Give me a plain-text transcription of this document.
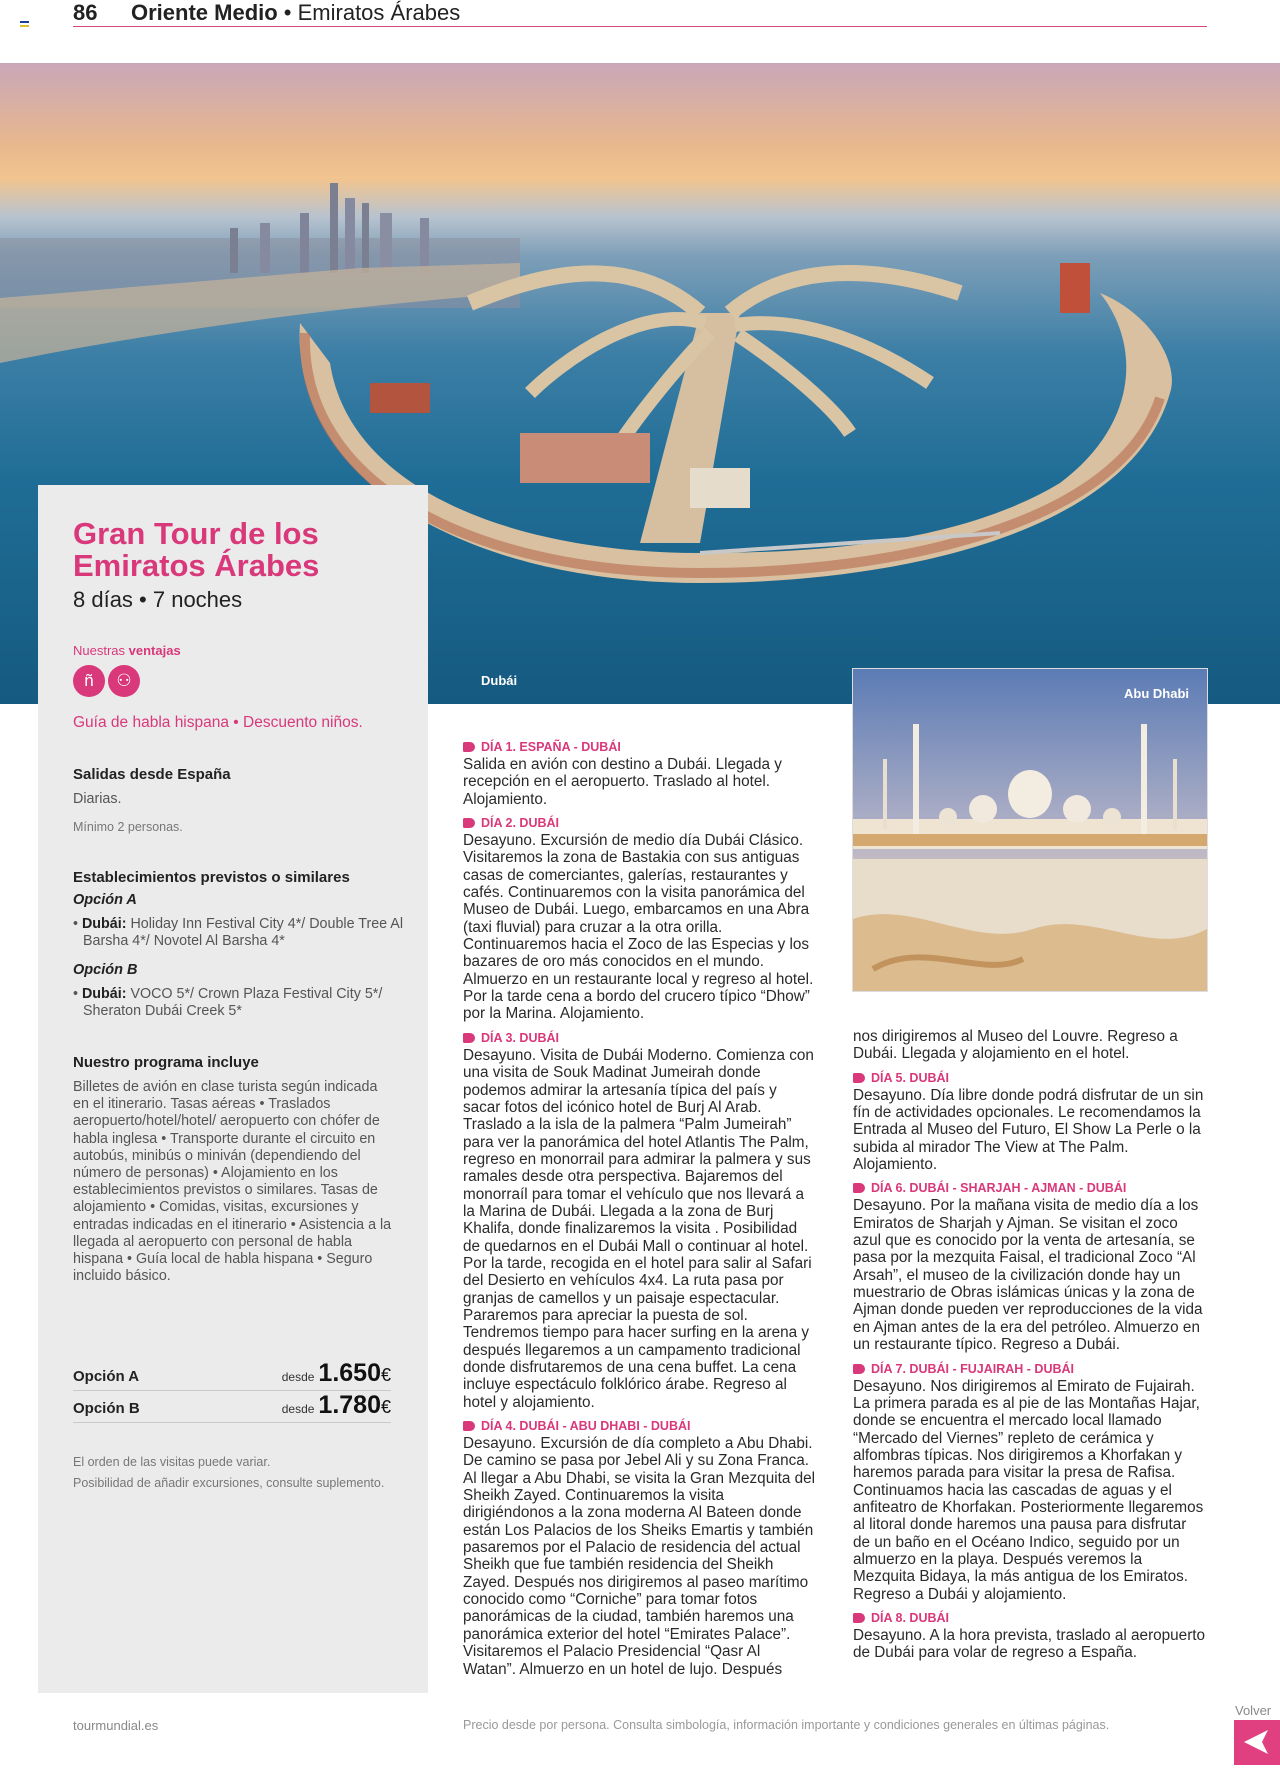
86 Oriente Medio • Emiratos Árabes
Dubái
Gran Tour de los
Emiratos Árabes
8 días • 7 noches
Nuestras ventajas
ñ ⚇
Guía de habla hispana • Descuento niños.
Salidas desde España
Diarias.
Mínimo 2 personas.
Establecimientos previstos o similares
Opción A
• Dubái: Holiday Inn Festival City 4*/ Double Tree Al Barsha 4*/ Novotel Al Barsha 4*
Opción B
• Dubái: VOCO 5*/ Crown Plaza Festival City 5*/ Sheraton Dubái Creek 5*
Nuestro programa incluye
Billetes de avión en clase turista según indicada en el itinerario. Tasas aéreas • Traslados aeropuerto/hotel/hotel/ aeropuerto con chófer de habla inglesa • Transporte durante el circuito en autobús, minibús o miniván (dependiendo del número de personas) • Alojamiento en los establecimientos previstos o similares. Tasas de alojamiento • Comidas, visitas, excursiones y entradas indicadas en el itinerario • Asistencia a la llegada al aeropuerto con personal de habla hispana • Guía local de habla hispana • Seguro incluido básico.
Opción A	desde 1.650€
Opción B	desde 1.780€
El orden de las visitas puede variar.
Posibilidad de añadir excursiones, consulte suplemento.
DÍA 1. ESPAÑA - DUBÁI

Salida en avión con destino a Dubái. Llegada y recepción en el aeropuerto. Traslado al hotel. Alojamiento.

DÍA 2. DUBÁI

Desayuno. Excursión de medio día Dubái Clásico. Visitaremos la zona de Bastakia con sus antiguas casas de comerciantes, galerías, restaurantes y cafés. Continuaremos con la visita panorámica del Museo de Dubái. Luego, embarcamos en una Abra (taxi fluvial) para cruzar a la otra orilla. Continuaremos hacia el Zoco de las Especias y los bazares de oro más conocidos en el mundo. Almuerzo en un restaurante local y regreso al hotel. Por la tarde cena a bordo del crucero típico “Dhow” por la Marina. Alojamiento.

DÍA 3. DUBÁI

Desayuno. Visita de Dubái Moderno. Comienza con una visita de Souk Madinat Jumeirah donde podemos admirar la artesanía típica del país y sacar fotos del icónico hotel de Burj Al Arab. Traslado a la isla de la palmera “Palm Jumeirah” para ver la panorámica del hotel Atlantis The Palm, regreso en monorrail para admirar la palmera y sus ramales desde otra perspectiva. Bajaremos del monorraíl para tomar el vehículo que nos llevará a la Marina de Dubái. Llegada a la zona de Burj Khalifa, donde finalizaremos la visita . Posibilidad de quedarnos en el Dubái Mall o continuar al hotel. Por la tarde, recogida en el hotel para salir al Safari del Desierto en vehículos 4x4. La ruta pasa por granjas de camellos y un paisaje espectacular. Pararemos para apreciar la puesta de sol. Tendremos tiempo para hacer surfing en la arena y después llegaremos a un campamento tradicional donde disfrutaremos de una cena buffet. La cena incluye espectáculo folklórico árabe. Regreso al hotel y alojamiento.

DÍA 4. DUBÁI - ABU DHABI - DUBÁI

Desayuno. Excursión de día completo a Abu Dhabi. De camino se pasa por Jebel Ali y su Zona Franca. Al llegar a Abu Dhabi, se visita la Gran Mezquita del Sheikh Zayed. Continuaremos la visita dirigiéndonos a la zona moderna Al Bateen donde están Los Palacios de los Sheiks Emartis y también pasaremos por el Palacio de residencia del actual Sheikh que fue también residencia del Sheikh Zayed. Después nos dirigiremos al paseo marítimo conocido como “Corniche” para tomar fotos panorámicas de la ciudad, también haremos una panorámica exterior del hotel “Emirates Palace”. Visitaremos el Palacio Presidencial “Qasr Al Watan”. Almuerzo en un hotel de lujo. Después

Abu Dhabi

nos dirigiremos al Museo del Louvre. Regreso a Dubái. Llegada y alojamiento en el hotel.

DÍA 5. DUBÁI

Desayuno. Día libre donde podrá disfrutar de un sin fín de actividades opcionales. Le recomendamos la Entrada al Museo del Futuro, El Show La Perle o la subida al mirador The View at The Palm. Alojamiento.

DÍA 6. DUBÁI - SHARJAH - AJMAN - DUBÁI

Desayuno. Por la mañana visita de medio día a los Emiratos de Sharjah y Ajman. Se visitan el zoco azul que es conocido por la venta de artesanía, se pasa por la mezquita Faisal, el tradicional Zoco “Al Arsah”, el museo de la civilización donde hay un muestrario de Obras islámicas únicas y la zona de Ajman donde pueden ver reproducciones de la vida en Ajman antes de la era del petróleo. Almuerzo en un restaurante típico. Regreso a Dubái.

DÍA 7. DUBÁI - FUJAIRAH - DUBÁI

Desayuno. Nos dirigiremos al Emirato de Fujairah. La primera parada es al pie de las Montañas Hajar, donde se encuentra el mercado local llamado “Mercado del Viernes” repleto de cerámica y alfombras típicas. Nos dirigiremos a Khorfakan y haremos parada para visitar la presa de Rafisa. Continuamos hacia las cascadas de aguas y el anfiteatro de Khorfakan. Posteriormente llegaremos al litoral donde haremos una pausa para disfrutar de un baño en el Océano Indico, seguido por un almuerzo en la playa. Después veremos la Mezquita Bidaya, la más antigua de los Emiratos. Regreso a Dubái y alojamiento.

DÍA 8. DUBÁI

Desayuno. A la hora prevista, traslado al aeropuerto de Dubái para volar de regreso a España.

tourmundial.es	Precio desde por persona. Consulta simbología, información importante y condiciones generales en últimas páginas.
Volver
